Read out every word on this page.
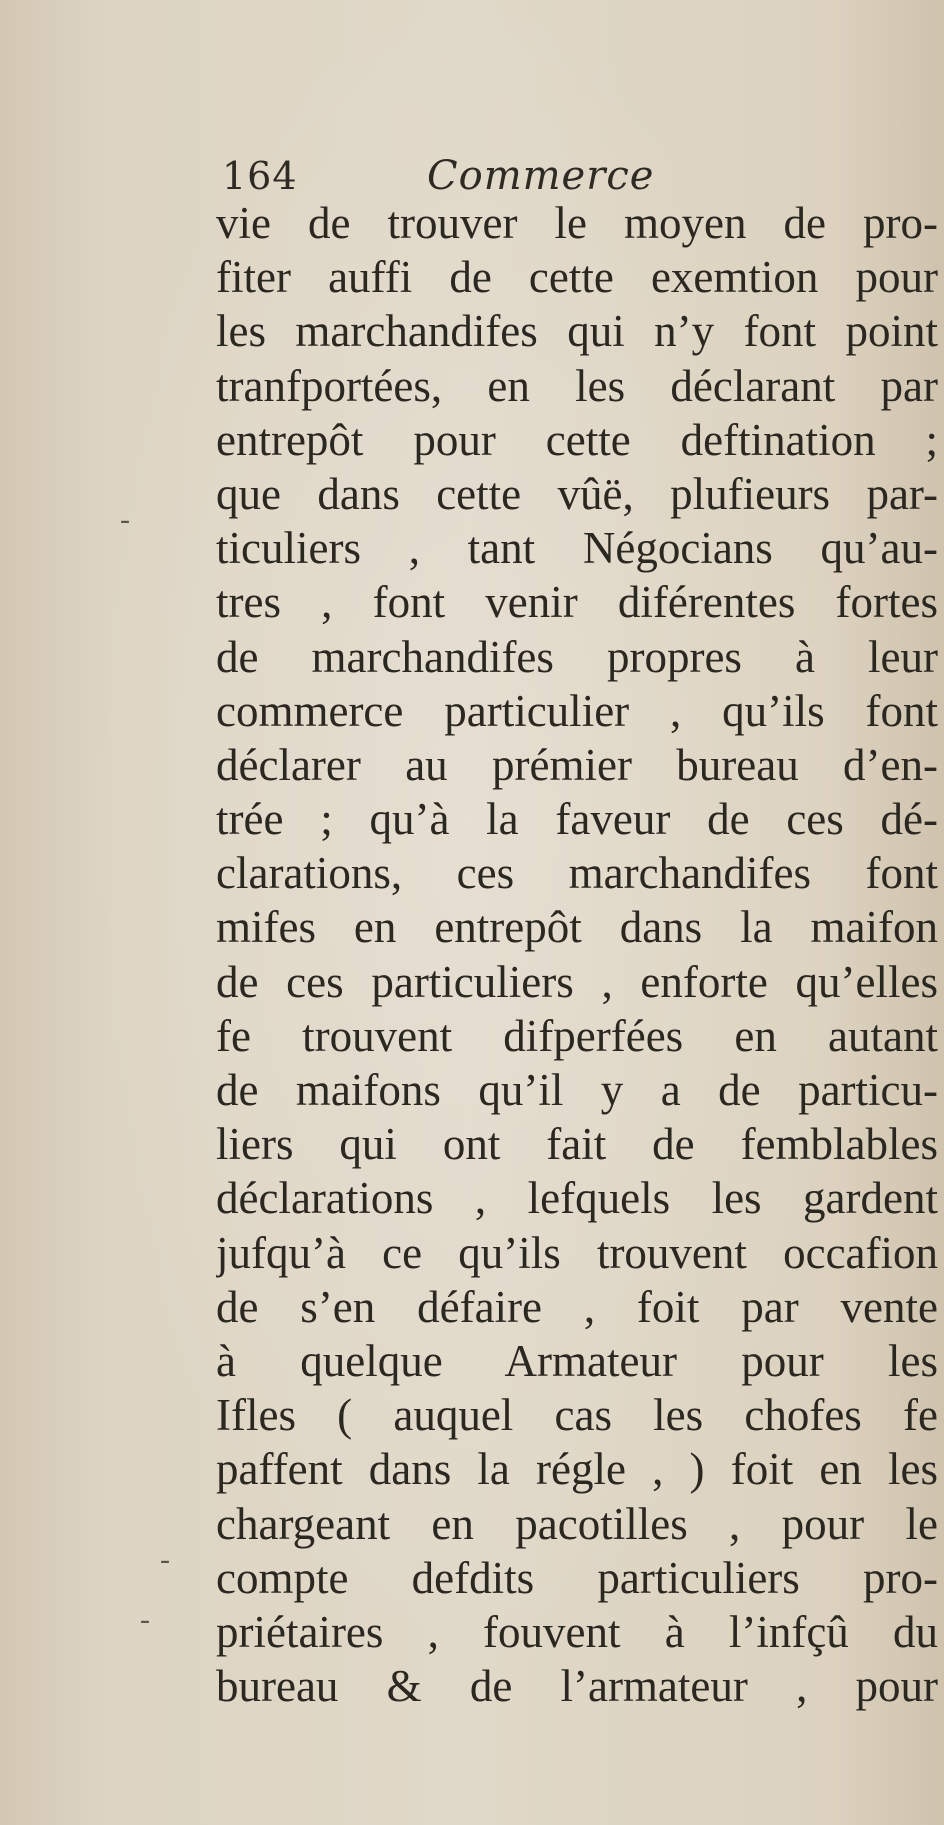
164	Commerce
vie de trouver le moyen de pro-
fiter auffi de cette exemtion pour
les marchandifes qui n’y font point
tranfportées, en les déclarant par
entrepôt pour cette deftination ;
que dans cette vûë, plufieurs par-
ticuliers , tant Négocians qu’au-
tres , font venir diférentes fortes
de marchandifes propres à leur
commerce particulier , qu’ils font
déclarer au prémier bureau d’en-
trée ; qu’à la faveur de ces dé-
clarations, ces marchandifes font
mifes en entrepôt dans la maifon
de ces particuliers , enforte qu’elles
fe trouvent difperfées en autant
de maifons qu’il y a de particu-
liers qui ont fait de femblables
déclarations , lefquels les gardent
jufqu’à ce qu’ils trouvent occafion
de s’en défaire , foit par vente
à quelque Armateur pour les
Ifles ( auquel cas les chofes fe
paffent dans la régle , ) foit en les
chargeant en pacotilles , pour le
compte defdits particuliers pro-
priétaires , fouvent à l’infçû du
bureau & de l’armateur , pour
-
-
-
